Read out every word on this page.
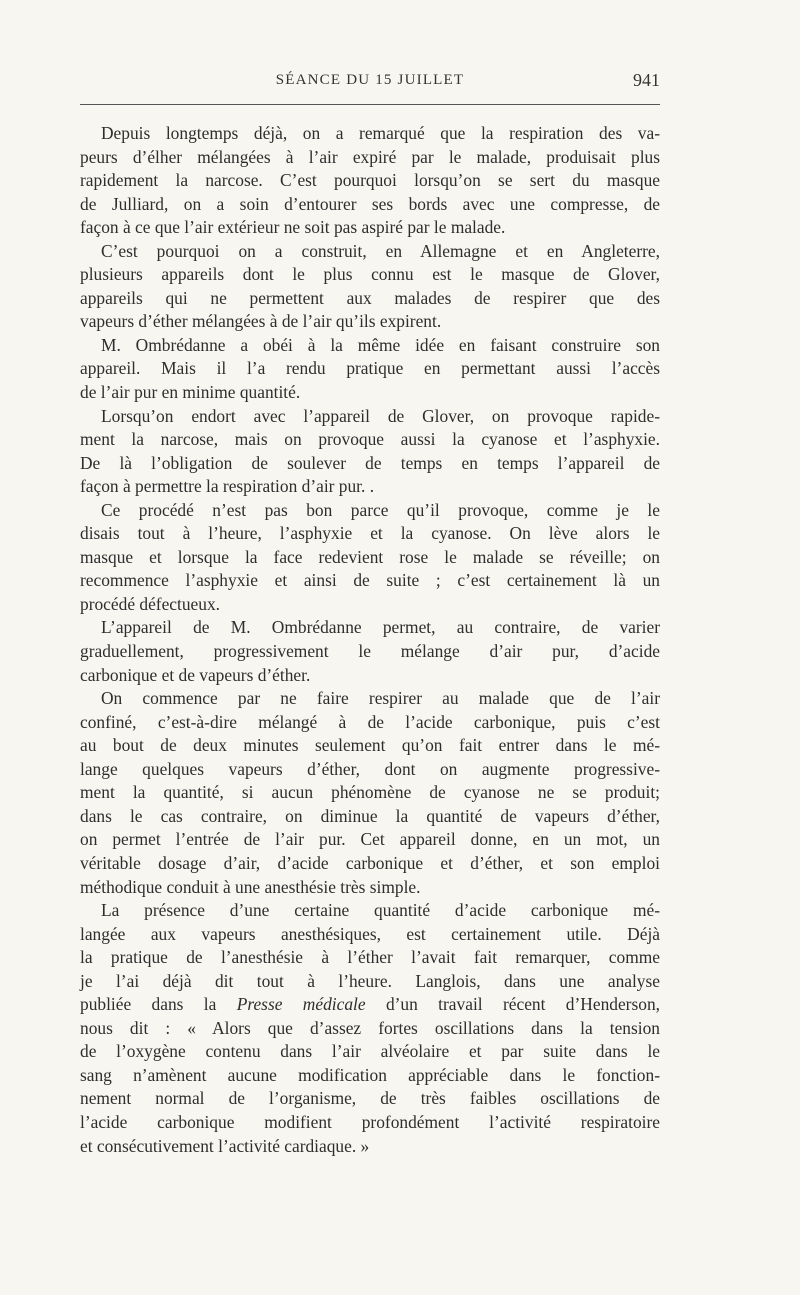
SÉANCE DU 15 JUILLET	941
Depuis longtemps déjà, on a remarqué que la respiration des va-
peurs d’élher mélangées à l’air expiré par le malade, produisait plus
rapidement la narcose. C’est pourquoi lorsqu’on se sert du masque
de Julliard, on a soin d’entourer ses bords avec une compresse, de
façon à ce que l’air extérieur ne soit pas aspiré par le malade.
C’est pourquoi on a construit, en Allemagne et en Angleterre,
plusieurs appareils dont le plus connu est le masque de Glover,
appareils qui ne permettent aux malades de respirer que des
vapeurs d’éther mélangées à de l’air qu’ils expirent.
M. Ombrédanne a obéi à la même idée en faisant construire son
appareil. Mais il l’a rendu pratique en permettant aussi l’accès
de l’air pur en minime quantité.
Lorsqu’on endort avec l’appareil de Glover, on provoque rapide-
ment la narcose, mais on provoque aussi la cyanose et l’asphyxie.
De là l’obligation de soulever de temps en temps l’appareil de
façon à permettre la respiration d’air pur. .
Ce procédé n’est pas bon parce qu’il provoque, comme je le
disais tout à l’heure, l’asphyxie et la cyanose. On lève alors le
masque et lorsque la face redevient rose le malade se réveille; on
recommence l’asphyxie et ainsi de suite ; c’est certainement là un
procédé défectueux.
L’appareil de M. Ombrédanne permet, au contraire, de varier
graduellement, progressivement le mélange d’air pur, d’acide
carbonique et de vapeurs d’éther.
On commence par ne faire respirer au malade que de l’air
confiné, c’est-à-dire mélangé à de l’acide carbonique, puis c’est
au bout de deux minutes seulement qu’on fait entrer dans le mé-
lange quelques vapeurs d’éther, dont on augmente progressive-
ment la quantité, si aucun phénomène de cyanose ne se produit;
dans le cas contraire, on diminue la quantité de vapeurs d’éther,
on permet l’entrée de l’air pur. Cet appareil donne, en un mot, un
véritable dosage d’air, d’acide carbonique et d’éther, et son emploi
méthodique conduit à une anesthésie très simple.
La présence d’une certaine quantité d’acide carbonique mé-
langée aux vapeurs anesthésiques, est certainement utile. Déjà
la pratique de l’anesthésie à l’éther l’avait fait remarquer, comme
je l’ai déjà dit tout à l’heure. Langlois, dans une analyse
publiée dans la Presse médicale d’un travail récent d’Henderson,
nous dit : « Alors que d’assez fortes oscillations dans la tension
de l’oxygène contenu dans l’air alvéolaire et par suite dans le
sang n’amènent aucune modification appréciable dans le fonction-
nement normal de l’organisme, de très faibles oscillations de
l’acide carbonique modifient profondément l’activité respiratoire
et consécutivement l’activité cardiaque. »
